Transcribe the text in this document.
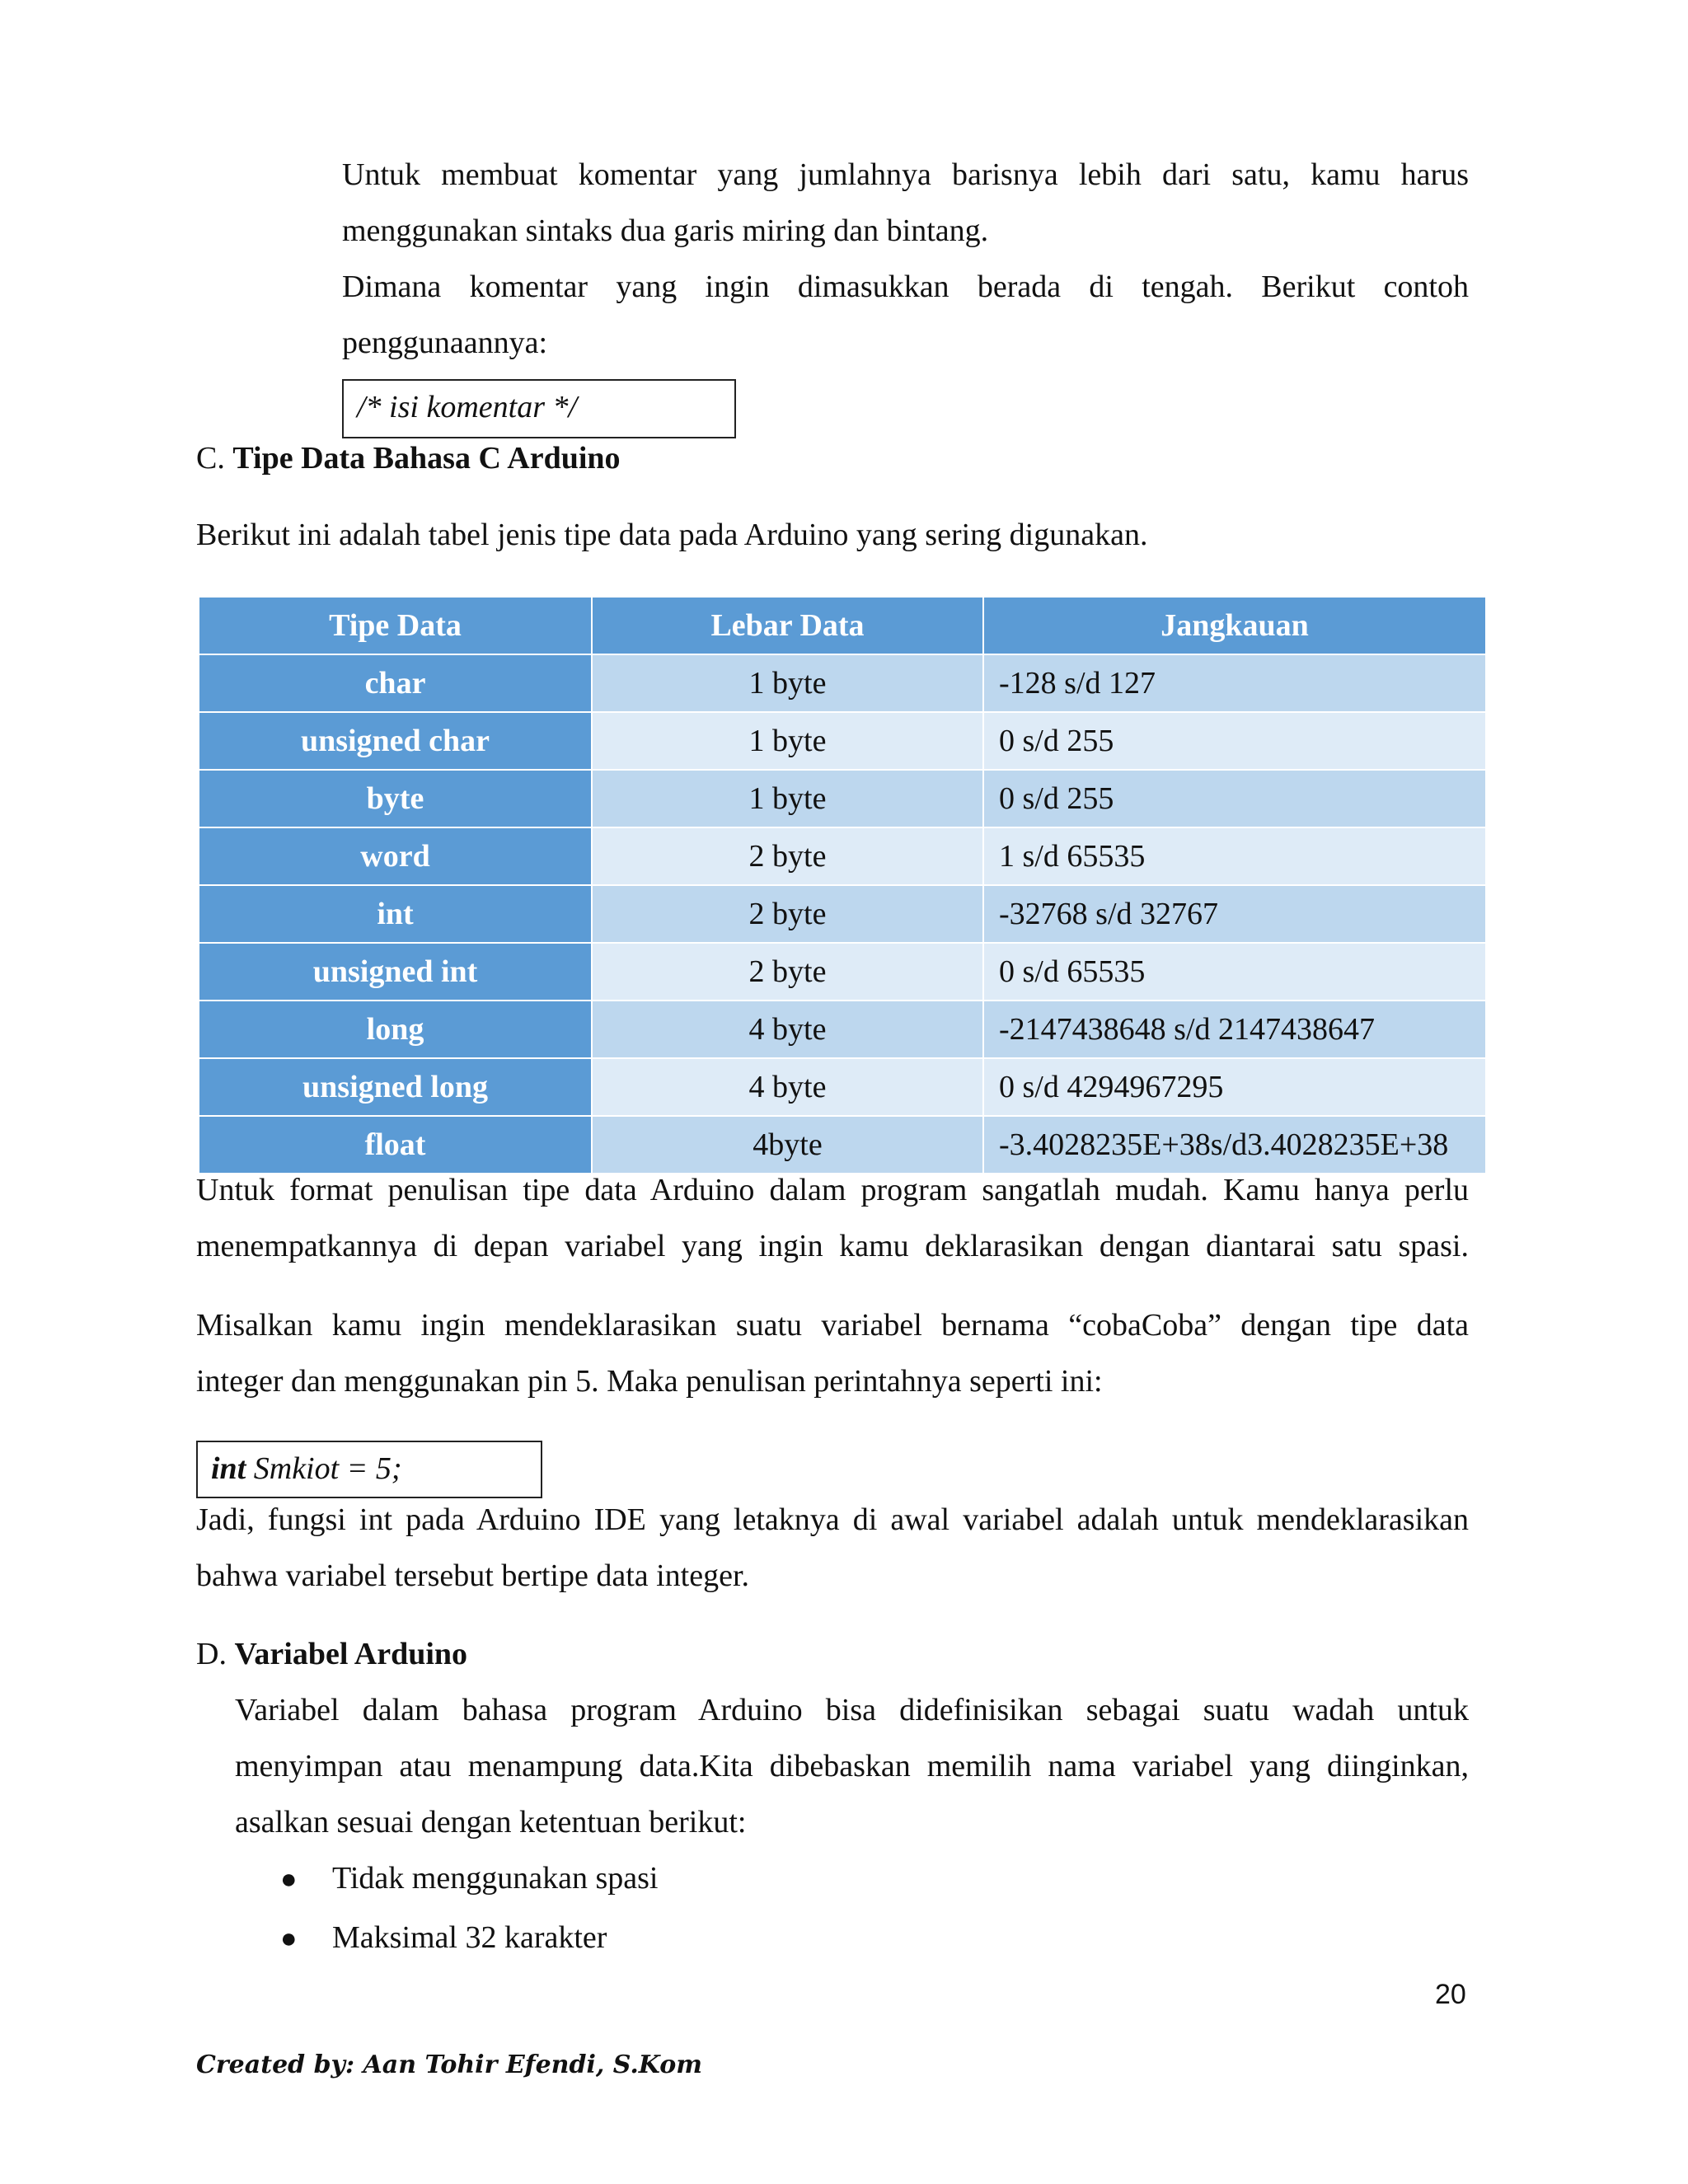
Untuk membuat komentar yang jumlahnya barisnya lebih dari satu, kamu harus
menggunakan sintaks dua garis miring dan bintang.
Dimana komentar yang ingin dimasukkan berada di tengah. Berikut contoh
penggunaannya:
/* isi komentar */
C. Tipe Data Bahasa C Arduino
Berikut ini adalah tabel jenis tipe data pada Arduino yang sering digunakan.
Tipe Data	Lebar Data	Jangkauan
char	1 byte	-128 s/d 127
unsigned char	1 byte	0 s/d 255
byte	1 byte	0 s/d 255
word	2 byte	1 s/d 65535
int	2 byte	-32768 s/d 32767
unsigned int	2 byte	0 s/d 65535
long	4 byte	-2147438648 s/d 2147438647
unsigned long	4 byte	0 s/d 4294967295
float	4byte	-3.4028235E+38s/d3.4028235E+38
Untuk format penulisan tipe data Arduino dalam program sangatlah mudah. Kamu hanya perlu
menempatkannya di depan variabel yang ingin kamu deklarasikan dengan diantarai satu spasi.
Misalkan kamu ingin mendeklarasikan suatu variabel bernama “cobaCoba” dengan tipe data
integer dan menggunakan pin 5. Maka penulisan perintahnya seperti ini:
int Smkiot = 5;
Jadi, fungsi int pada Arduino IDE yang letaknya di awal variabel adalah untuk mendeklarasikan
bahwa variabel tersebut bertipe data integer.
D. Variabel Arduino
Variabel dalam bahasa program Arduino bisa didefinisikan sebagai suatu wadah untuk
menyimpan atau menampung data.Kita dibebaskan memilih nama variabel yang diinginkan,
asalkan sesuai dengan ketentuan berikut:
● Tidak menggunakan spasi
● Maksimal 32 karakter
20
Created by: Aan Tohir Efendi, S.Kom
